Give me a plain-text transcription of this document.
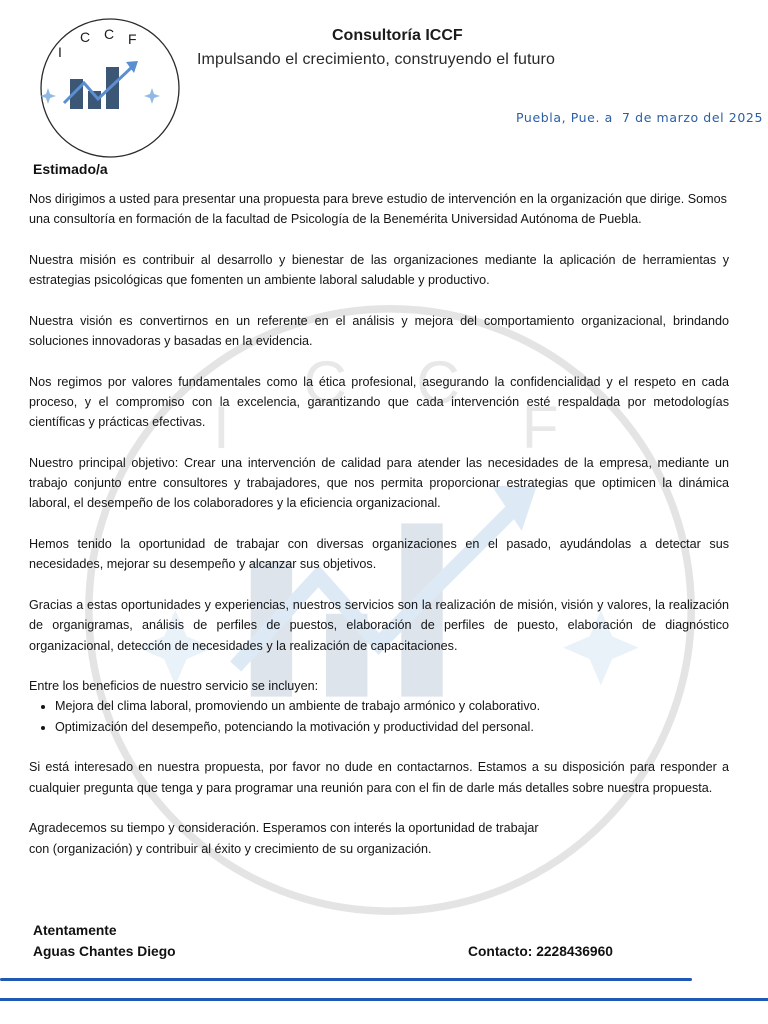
I
C	C
F
I
C C F	Consultoría ICCF
Impulsando el crecimiento, construyendo el futuro
Puebla, Pue. a  7 de marzo del 2025
Estimado/a

Nos dirigimos a usted para presentar una propuesta para breve estudio de intervención en la organización que dirige. Somos una consultoría en formación de la facultad de Psicología de la Benemérita Universidad Autónoma de Puebla.

Nuestra misión es contribuir al desarrollo y bienestar de las organizaciones mediante la aplicación de herramientas y estrategias psicológicas que fomenten un ambiente laboral saludable y productivo.

Nuestra visión es convertirnos en un referente en el análisis y mejora del comportamiento organizacional, brindando soluciones innovadoras y basadas en la evidencia.

Nos regimos por valores fundamentales como la ética profesional, asegurando la confidencialidad y el respeto en cada proceso, y el compromiso con la excelencia, garantizando que cada intervención esté respaldada por metodologías científicas y prácticas efectivas.

Nuestro principal objetivo: Crear una intervención de calidad para atender las necesidades de la empresa, mediante un trabajo conjunto entre consultores y trabajadores, que nos permita proporcionar estrategias que optimicen la dinámica laboral, el desempeño de los colaboradores y la eficiencia organizacional.

Hemos tenido la oportunidad de trabajar con diversas organizaciones en el pasado, ayudándolas a detectar sus necesidades, mejorar su desempeño y alcanzar sus objetivos.

Gracias a estas oportunidades y experiencias, nuestros servicios son la realización de misión, visión y valores, la realización de organigramas, análisis de perfiles de puestos, elaboración de perfiles de puesto, elaboración de diagnóstico organizacional, detección de necesidades y la realización de capacitaciones.

Entre los beneficios de nuestro servicio se incluyen:

• Mejora del clima laboral, promoviendo un ambiente de trabajo armónico y colaborativo.
• Optimización del desempeño, potenciando la motivación y productividad del personal.

Si está interesado en nuestra propuesta, por favor no dude en contactarnos. Estamos a su disposición para responder a cualquier pregunta que tenga y para programar una reunión para con el fin de darle más detalles sobre nuestra propuesta.

Agradecemos su tiempo y consideración. Esperamos con interés la oportunidad de trabajar
con (organización) y contribuir al éxito y crecimiento de su organización.
Atentamente
Aguas Chantes Diego	Contacto: 2228436960
